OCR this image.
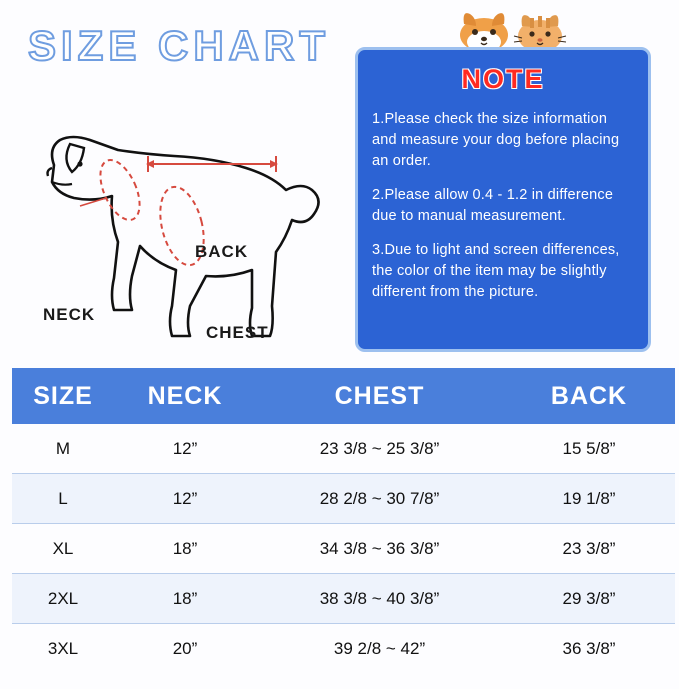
SIZE CHART
NOTE
1.Please check the size information and measure your dog before placing an order.
2.Please allow 0.4 - 1.2 in difference due to manual measurement.
3.Due to light and screen differences, the color of the item may be slightly different from the picture.
BACK
NECK
CHEST
SIZE	NECK	CHEST	BACK
M	12”	23 3/8 ~ 25 3/8”	15 5/8”
L	12”	28 2/8 ~ 30 7/8”	19 1/8”
XL	18”	34 3/8 ~ 36 3/8”	23 3/8”
2XL	18”	38 3/8 ~ 40 3/8”	29 3/8”
3XL	20”	39 2/8 ~ 42”	36 3/8”
